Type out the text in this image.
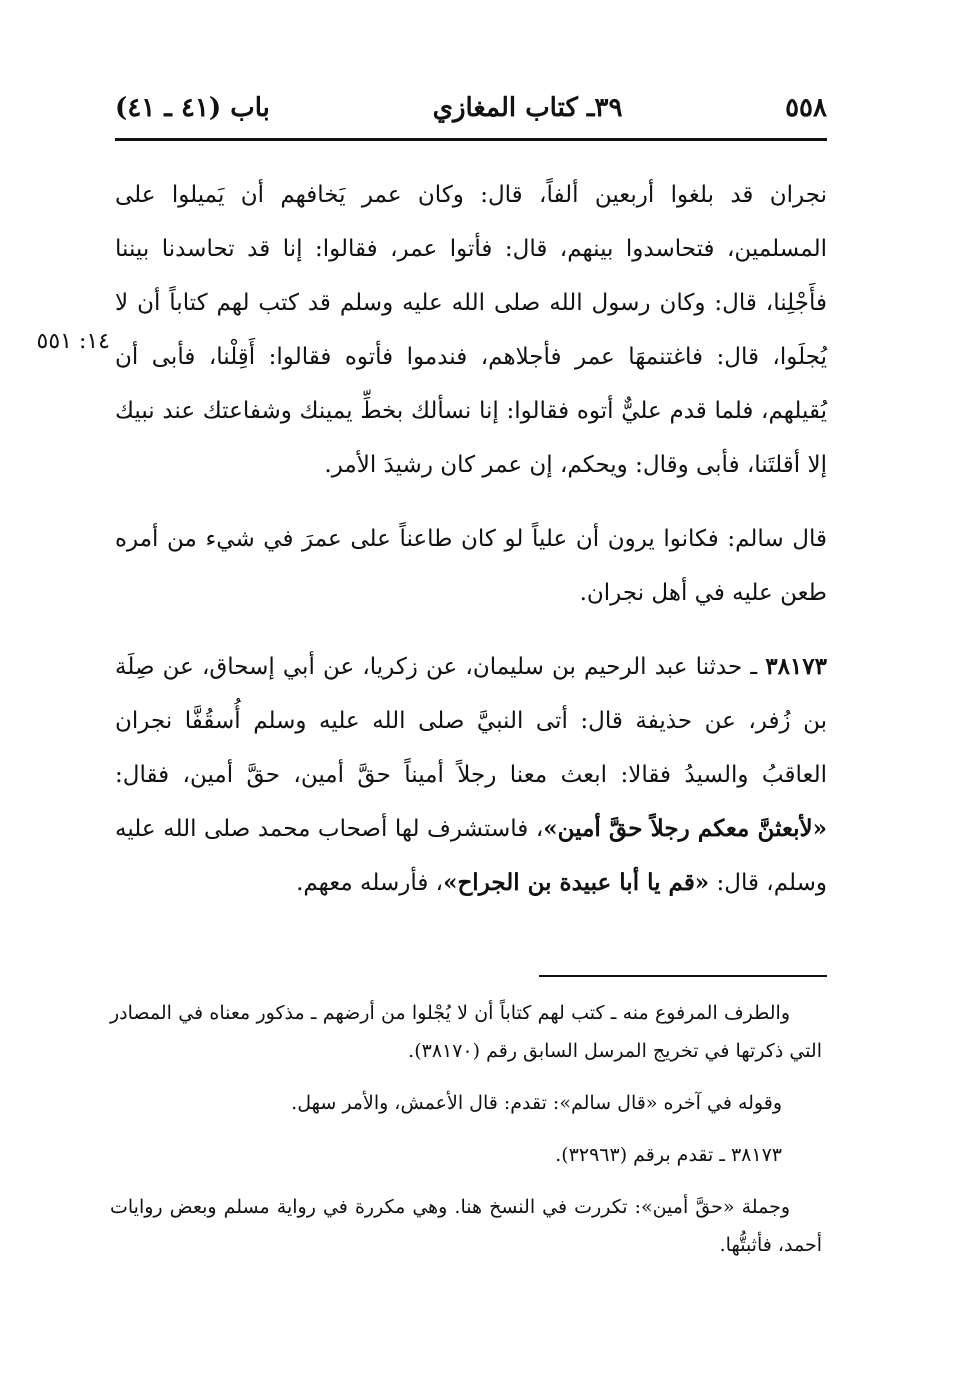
٥٥٨
٣٩ـ كتاب المغازي
باب (٤١ ـ ٤١)
١٤: ٥٥١

نجران قد بلغوا أربعين ألفاً، قال: وكان عمر يَخافهم أن يَميلوا على المسلمين، فتحاسدوا بينهم، قال: فأتوا عمر، فقالوا: إنا قد تحاسدنا بيننا فأَجْلِنا، قال: وكان رسول الله صلى الله عليه وسلم قد كتب لهم كتاباً أن لا يُجلَوا، قال: فاغتنمهَا عمر فأجلاهم، فندموا فأتوه فقالوا: أَقِلْنا، فأبى أن يُقيلهم، فلما قدم عليٌّ أتوه فقالوا: إنا نسألك بخطِّ يمينك وشفاعتك عند نبيك إلا أقلتَنا، فأبى وقال: ويحكم، إن عمر كان رشيدَ الأمر.

قال سالم: فكانوا يرون أن علياً لو كان طاعناً على عمرَ في شيء من أمره طعن عليه في أهل نجران.

٣٨١٧٣ ـ حدثنا عبد الرحيم بن سليمان، عن زكريا، عن أبي إسحاق، عن صِلَة بن زُفر، عن حذيفة قال: أتى النبيَّ صلى الله عليه وسلم أُسقُفَّا نجران العاقبُ والسيدُ فقالا: ابعث معنا رجلاً أميناً حقَّ أمين، حقَّ أمين، فقال: «لأبعثنَّ معكم رجلاً حقَّ أمين»، فاستشرف لها أصحاب محمد صلى الله عليه وسلم، قال: «قم يا أبا عبيدة بن الجراح»، فأرسله معهم.

والطرف المرفوع منه ـ كتب لهم كتاباً أن لا يُجْلوا من أرضهم ـ مذكور معناه في المصادر التي ذكرتها في تخريج المرسل السابق رقم (٣٨١٧٠).

وقوله في آخره «قال سالم»: تقدم: قال الأعمش، والأمر سهل.

٣٨١٧٣ ـ تقدم برقم (٣٢٩٦٣).

وجملة «حقَّ أمين»: تكررت في النسخ هنا. وهي مكررة في رواية مسلم وبعض روايات أحمد، فأثبتُّها.
